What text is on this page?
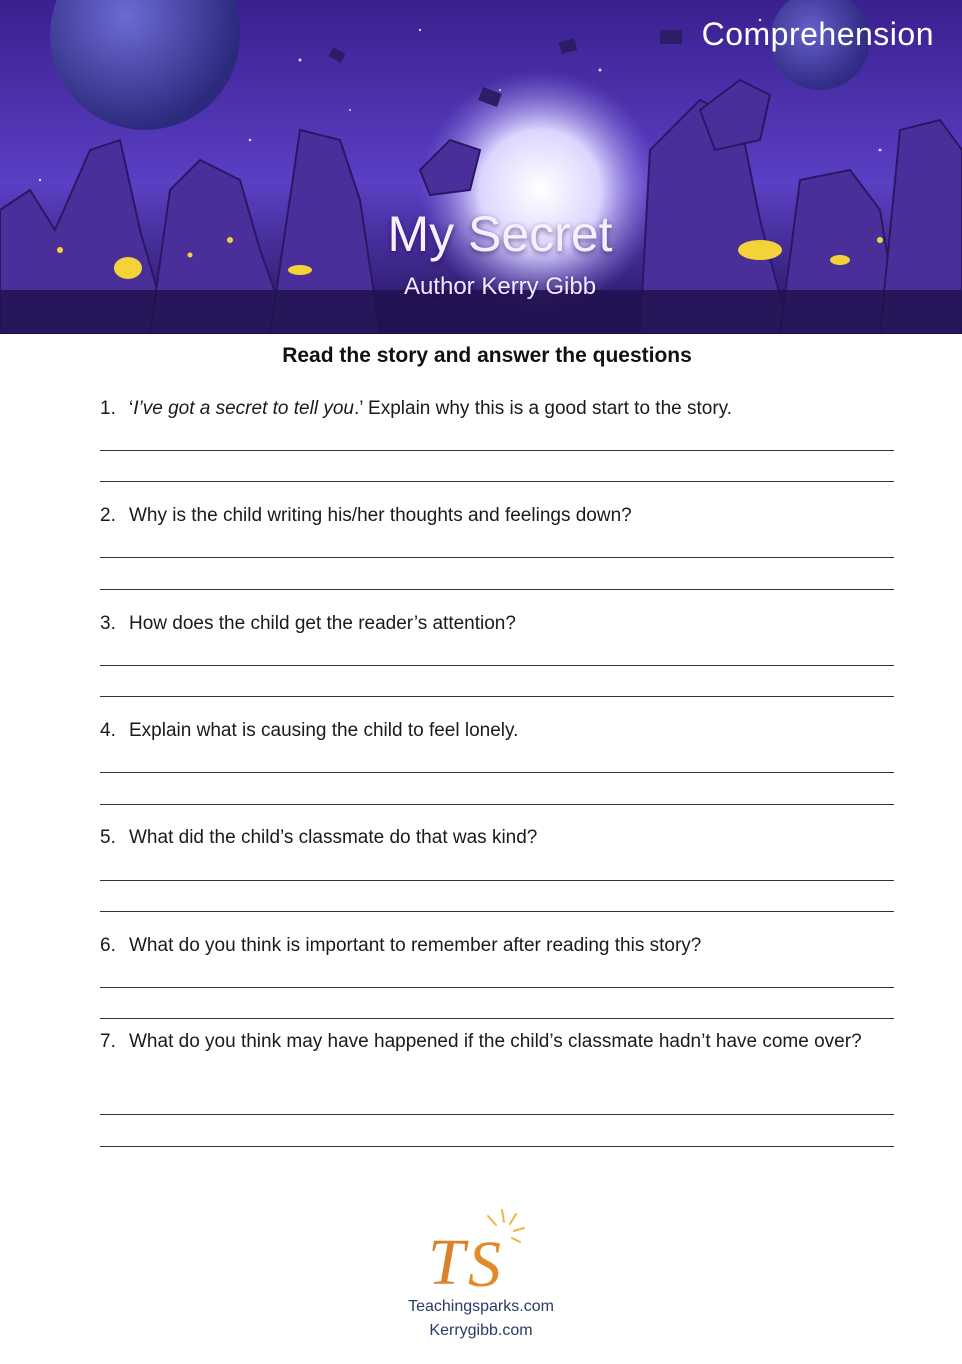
Comprehension
My Secret
Author Kerry Gibb
Read the story and answer the questions
1. ‘I’ve got a secret to tell you.’ Explain why this is a good start to the story.
2. Why is the child writing his/her thoughts and feelings down?
3. How does the child get the reader’s attention?
4. Explain what is causing the child to feel lonely.
5. What did the child’s classmate do that was kind?
6. What do you think is important to remember after reading this story?
7. What do you think may have happened if the child’s classmate hadn’t have come over?
T S
Teachingsparks.com
Kerrygibb.com
